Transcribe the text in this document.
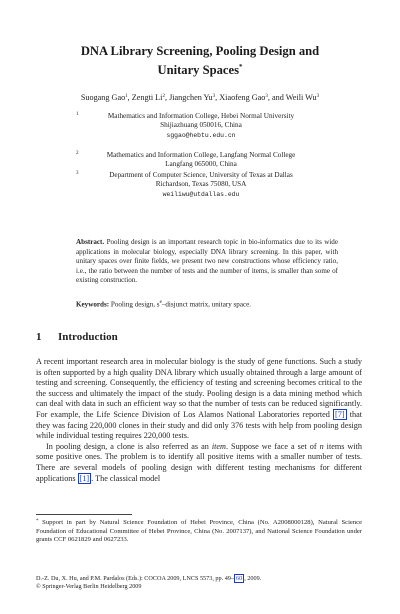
DNA Library Screening, Pooling Design and
Unitary Spaces*
Suogang Gao$^1$, Zengti Li$^2$, Jiangchen Yu$^3$, Xiaofeng Gao$^3$, and Weili Wu$^3$
1	Mathematics and Information College, Hebei Normal University
Shijiazhuang 050016, China
sggao@hebtu.edu.cn
2	Mathematics and Information College, Langfang Normal College
Langfang 065000, China
3	Department of Computer Science, University of Texas at Dallas
Richardson, Texas 75080, USA
weiliwu@utdallas.edu
Abstract. Pooling design is an important research topic in bio-informatics due to its wide applications in molecular biology, especially DNA library screening. In this paper, with unitary spaces over finite fields, we present two new constructions whose efficiency ratio, i.e., the ratio between the number of tests and the number of items, is smaller than some of existing construction.
Keywords: Pooling design, $s^e$–disjunct matrix, unitary space.
1 Introduction

A recent important research area in molecular biology is the study of gene functions. Such a study is often supported by a high quality DNA library which usually obtained through a large amount of testing and screening. Consequently, the efficiency of testing and screening becomes critical to the the success and ultimately the impact of the study. Pooling design is a data mining method which can deal with data in such an efficient way so that the number of tests can be reduced significantly. For example, the Life Science Division of Los Alamos National Laboratories reported [7] that they was facing 220,000 clones in their study and did only 376 tests with help from pooling design while individual testing requires 220,000 tests.

In pooling design, a clone is also referred as an item. Suppose we face a set of n items with some positive ones. The problem is to identify all positive items with a smaller number of tests. There are several models of pooling design with different testing mechanisms for different applications [1] . The classical model

* Support in part by Natural Science Foundation of Hebei Province, China (No. A2008000128), Natural Science Foundation of Educational Committee of Hebei Province, China (No. 2007137), and National Science Foundation under grants CCF 0621829 and 0627233.
D.-Z. Du, X. Hu, and P.M. Pardalos (Eds.): COCOA 2009, LNCS 5573, pp. 49– 60 , 2009.
© Springer-Verlag Berlin Heidelberg 2009
